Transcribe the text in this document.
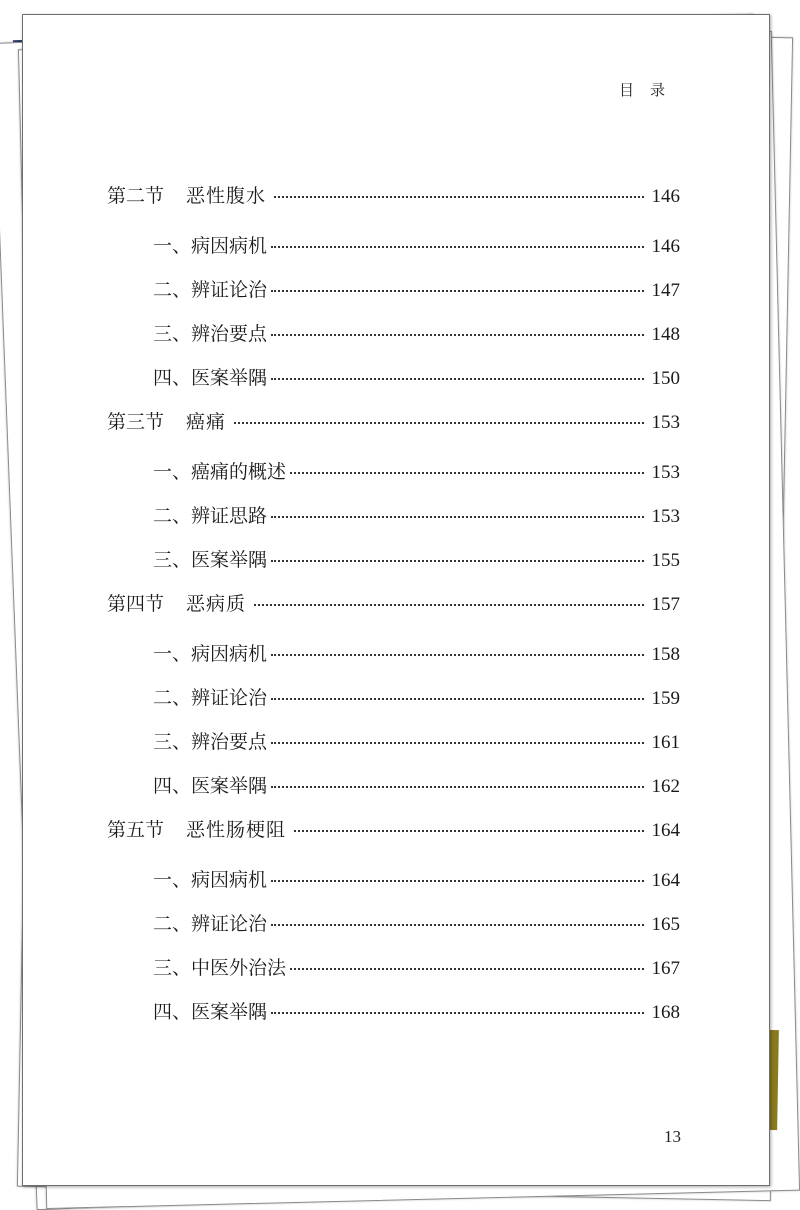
目录
第二节 恶性腹水	146
一、病因病机	146
二、辨证论治	147
三、辨治要点	148
四、医案举隅	150
第三节 癌痛	153
一、癌痛的概述	153
二、辨证思路	153
三、医案举隅	155
第四节 恶病质	157
一、病因病机	158
二、辨证论治	159
三、辨治要点	161
四、医案举隅	162
第五节 恶性肠梗阻	164
一、病因病机	164
二、辨证论治	165
三、中医外治法	167
四、医案举隅	168
13
